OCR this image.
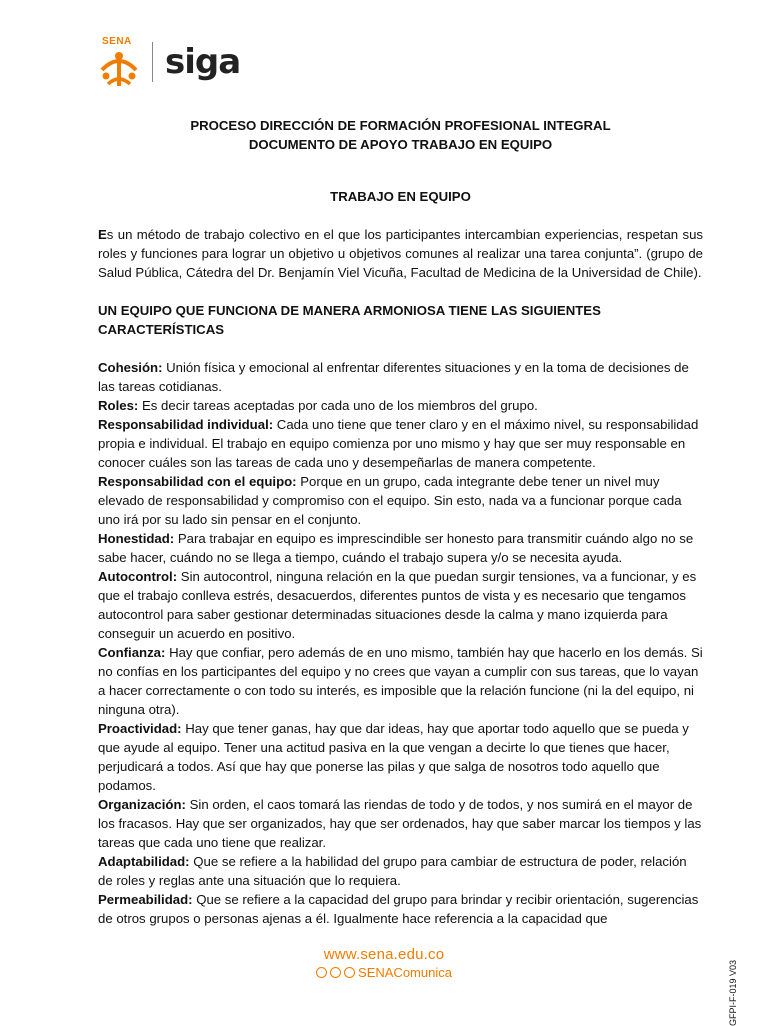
SENA
siga
PROCESO DIRECCIÓN DE FORMACIÓN PROFESIONAL INTEGRAL
DOCUMENTO DE APOYO TRABAJO EN EQUIPO
TRABAJO EN EQUIPO
Es un método de trabajo colectivo en el que los participantes intercambian experiencias, respetan sus roles y funciones para lograr un objetivo u objetivos comunes al realizar una tarea conjunta”. (grupo de Salud Pública, Cátedra del Dr. Benjamín Viel Vicuña, Facultad de Medicina de la Universidad de Chile).
UN EQUIPO QUE FUNCIONA DE MANERA ARMONIOSA TIENE LAS SIGUIENTES CARACTERÍSTICAS
Cohesión: Unión física y emocional al enfrentar diferentes situaciones y en la toma de decisiones de las tareas cotidianas.
Roles: Es decir tareas aceptadas por cada uno de los miembros del grupo.
Responsabilidad individual: Cada uno tiene que tener claro y en el máximo nivel, su responsabilidad propia e individual. El trabajo en equipo comienza por uno mismo y hay que ser muy responsable en conocer cuáles son las tareas de cada uno y desempeñarlas de manera competente.
Responsabilidad con el equipo: Porque en un grupo, cada integrante debe tener un nivel muy elevado de responsabilidad y compromiso con el equipo. Sin esto, nada va a funcionar porque cada uno irá por su lado sin pensar en el conjunto.
Honestidad: Para trabajar en equipo es imprescindible ser honesto para transmitir cuándo algo no se sabe hacer, cuándo no se llega a tiempo, cuándo el trabajo supera y/o se necesita ayuda.
Autocontrol: Sin autocontrol, ninguna relación en la que puedan surgir tensiones, va a funcionar, y es que el trabajo conlleva estrés, desacuerdos, diferentes puntos de vista y es necesario que tengamos autocontrol para saber gestionar determinadas situaciones desde la calma y mano izquierda para conseguir un acuerdo en positivo.
Confianza: Hay que confiar, pero además de en uno mismo, también hay que hacerlo en los demás. Si no confías en los participantes del equipo y no crees que vayan a cumplir con sus tareas, que lo vayan a hacer correctamente o con todo su interés, es imposible que la relación funcione (ni la del equipo, ni ninguna otra).
Proactividad: Hay que tener ganas, hay que dar ideas, hay que aportar todo aquello que se pueda y que ayude al equipo. Tener una actitud pasiva en la que vengan a decirte lo que tienes que hacer, perjudicará a todos. Así que hay que ponerse las pilas y que salga de nosotros todo aquello que podamos.
Organización: Sin orden, el caos tomará las riendas de todo y de todos, y nos sumirá en el mayor de los fracasos. Hay que ser organizados, hay que ser ordenados, hay que saber marcar los tiempos y las tareas que cada uno tiene que realizar.
Adaptabilidad: Que se refiere a la habilidad del grupo para cambiar de estructura de poder, relación de roles y reglas ante una situación que lo requiera.
Permeabilidad: Que se refiere a la capacidad del grupo para brindar y recibir orientación, sugerencias de otros grupos o personas ajenas a él. Igualmente hace referencia a la capacidad que
www.sena.edu.co
SENAComunica	GFPI-F-019 V03
